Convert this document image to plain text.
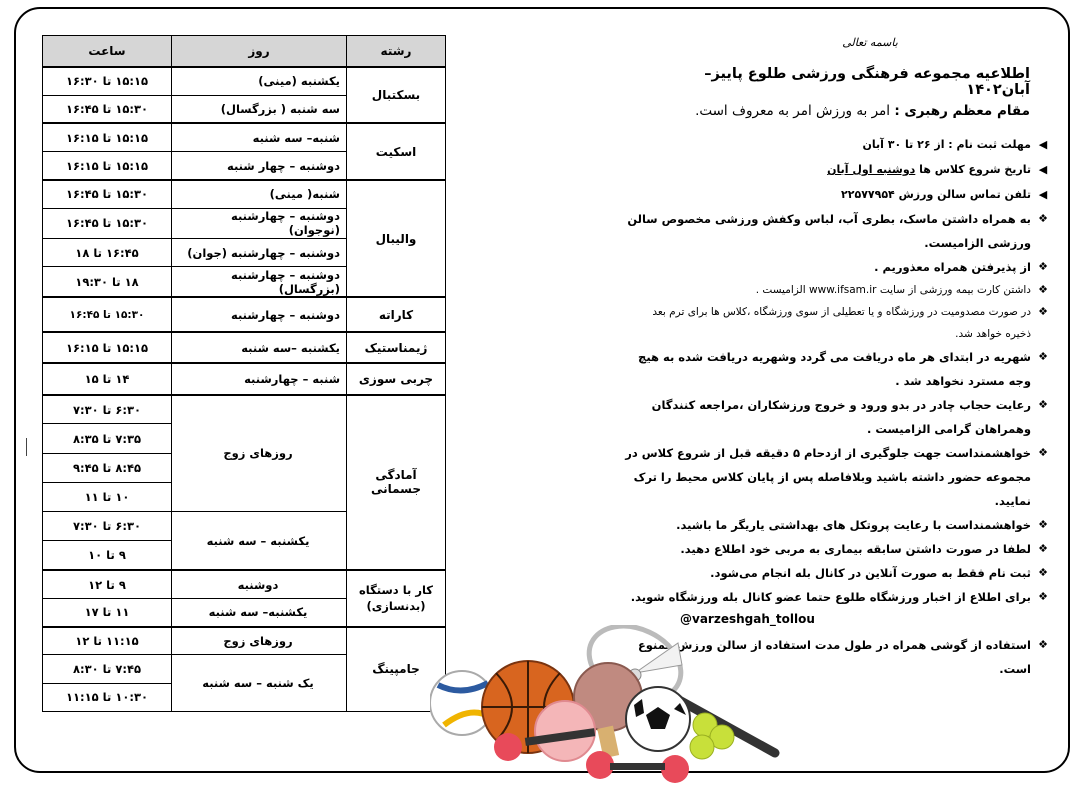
رشته	روز	ساعت
بسکتبال	یکشنبه (مینی)	۱۵:۱۵ تا ۱۶:۳۰
	سه شنبه ( بزرگسال)	۱۵:۳۰ تا ۱۶:۴۵
اسکیت	شنبه– سه شنبه	۱۵:۱۵ تا ۱۶:۱۵
	دوشنبه – چهار شنبه	۱۵:۱۵ تا ۱۶:۱۵
والیبال	شنبه( مینی)	۱۵:۳۰ تا ۱۶:۴۵
	دوشنبه – چهارشنبه (نوجوان)	۱۵:۳۰ تا ۱۶:۴۵
	دوشنبه – چهارشنبه (جوان)	۱۶:۴۵ تا ۱۸
	دوشنبه – چهارشنبه (بزرگسال)	۱۸ تا ۱۹:۳۰
کاراته	دوشنبه – چهارشنبه	۱۵:۳۰ تا ۱۶:۴۵
ژیمناستیک	یکشنبه –سه شنبه	۱۵:۱۵ تا ۱۶:۱۵
چربی سوزی	شنبه – چهارشنبه	۱۴ تا ۱۵
آمادگی جسمانی	روزهای زوج	۶:۳۰ تا ۷:۳۰
		۷:۳۵ تا ۸:۳۵
		۸:۴۵ تا ۹:۴۵
		۱۰ تا ۱۱
	یکشنبه – سه شنبه	۶:۳۰ تا ۷:۳۰
		۹ تا ۱۰
کار با دستگاه (بدنسازی)	دوشنبه	۹ تا ۱۲
	یکشنبه– سه شنبه	۱۱ تا ۱۷
جامپینگ	روزهای زوج	۱۱:۱۵ تا ۱۲
	یک شنبه – سه شنبه	۷:۴۵ تا ۸:۳۰
		۱۰:۳۰ تا ۱۱:۱۵
باسمه تعالی
اطلاعیه مجموعه فرهنگی ورزشی طلوع پاییز– آبان۱۴۰۲
مقام معظم رهبری : امر به ورزش امر به معروف است.
◀
مهلت ثبت نام : از ۲۶ تا ۳۰ آبان
◀
تاریخ شروع کلاس ها دوشنبه اول آبان
◀
تلفن تماس سالن ورزش ۲۲۵۷۷۹۵۴
❖
به همراه داشتن ماسک، بطری آب، لباس وکفش ورزشی مخصوص سالن ورزشی الزامیست.
❖
از پذیرفتن همراه معذوریم .
❖
داشتن کارت بیمه ورزشی از سایت www.ifsam.ir الزامیست .
❖
در صورت مصدومیت در ورزشگاه و یا تعطیلی از سوی ورزشگاه ،کلاس ها برای ترم بعد ذخیره خواهد شد.
❖
شهریه در ابتدای هر ماه دریافت می گردد وشهریه دریافت شده به هیچ وجه مسترد نخواهد شد .
❖
رعایت حجاب چادر در بدو ورود و خروج ورزشکاران ،مراجعه کنندگان وهمراهان گرامی الزامیست .
❖
خواهشمنداست جهت جلوگیری از ازدحام ۵ دقیقه قبل از شروع کلاس در مجموعه حضور داشته باشید وبلافاصله پس از پایان کلاس محیط را ترک نمایید.
❖
خواهشمنداست با رعایت پروتکل های بهداشتی یاریگر ما باشید.
❖
لطفا در صورت داشتن سابقه بیماری به مربی خود اطلاع دهید.
❖
ثبت نام فقط به صورت آنلاین در کانال بله انجام می‌شود.
❖
برای اطلاع از اخبار ورزشگاه طلوع حتما عضو کانال بله ورزشگاه شوید.
❖
استفاده از گوشی همراه در طول مدت استفاده از سالن ورزش ممنوع است.
@varzeshgah_tollou
